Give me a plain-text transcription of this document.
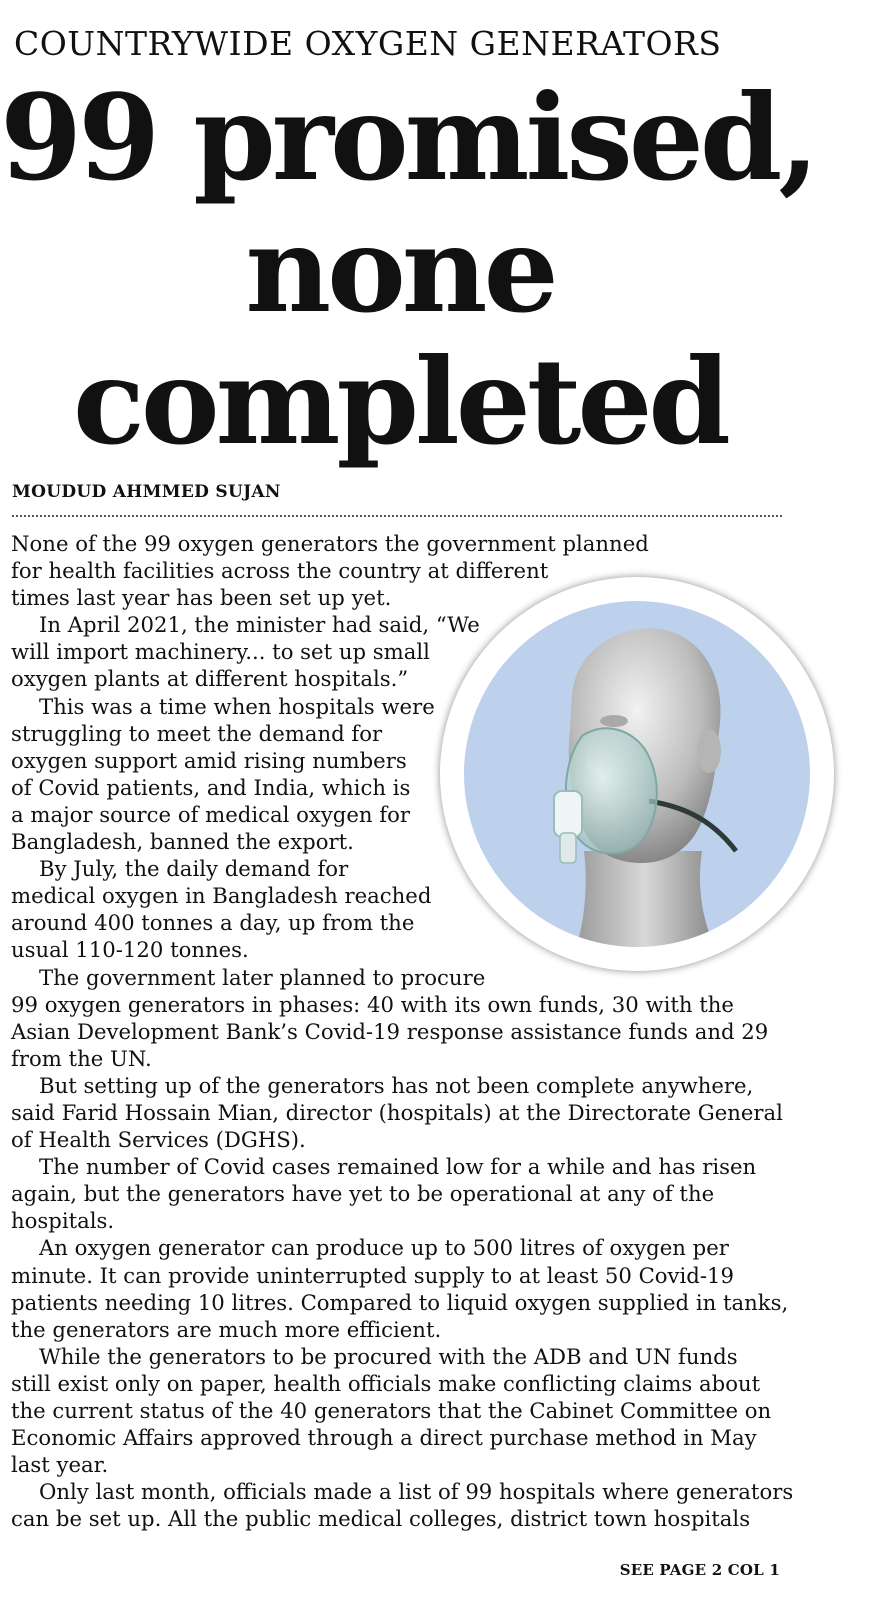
COUNTRYWIDE OXYGEN GENERATORS
99 promised,
none
completed
MOUDUD AHMMED SUJAN
None of the 99 oxygen generators the government planned
for health facilities across the country at different
times last year has been set up yet.
In April 2021, the minister had said, “We
will import machinery... to set up small
oxygen plants at different hospitals.”
This was a time when hospitals were
struggling to meet the demand for
oxygen support amid rising numbers
of Covid patients, and India, which is
a major source of medical oxygen for
Bangladesh, banned the export.
By July, the daily demand for
medical oxygen in Bangladesh reached
around 400 tonnes a day, up from the
usual 110-120 tonnes.
The government later planned to procure
99 oxygen generators in phases: 40 with its own funds, 30 with the
Asian Development Bank’s Covid-19 response assistance funds and 29
from the UN.
But setting up of the generators has not been complete anywhere,
said Farid Hossain Mian, director (hospitals) at the Directorate General
of Health Services (DGHS).
The number of Covid cases remained low for a while and has risen
again, but the generators have yet to be operational at any of the
hospitals.
An oxygen generator can produce up to 500 litres of oxygen per
minute. It can provide uninterrupted supply to at least 50 Covid-19
patients needing 10 litres. Compared to liquid oxygen supplied in tanks,
the generators are much more efficient.
While the generators to be procured with the ADB and UN funds
still exist only on paper, health officials make conflicting claims about
the current status of the 40 generators that the Cabinet Committee on
Economic Affairs approved through a direct purchase method in May
last year.
Only last month, officials made a list of 99 hospitals where generators
can be set up. All the public medical colleges, district town hospitals
SEE PAGE 2 COL 1
